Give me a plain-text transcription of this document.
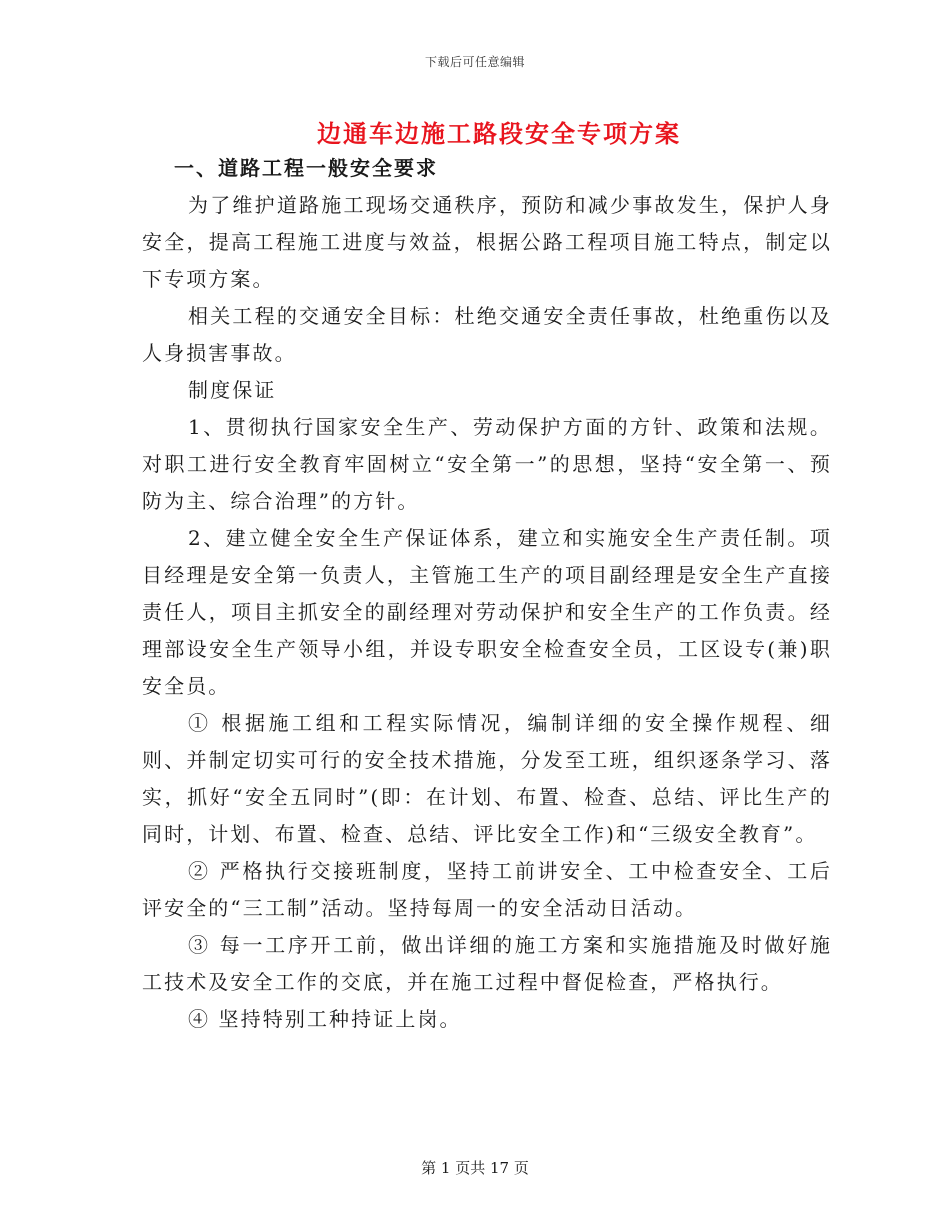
下载后可任意编辑
边通车边施工路段安全专项方案

一、道路工程一般安全要求

为了维护道路施工现场交通秩序，预防和减少事故发生，保护人身安全，提高工程施工进度与效益，根据公路工程项目施工特点，制定以下专项方案。

相关工程的交通安全目标：杜绝交通安全责任事故，杜绝重伤以及人身损害事故。

制度保证

1、贯彻执行国家安全生产、劳动保护方面的方针、政策和法规。对职工进行安全教育牢固树立“安全第一”的思想，坚持“安全第一、预防为主、综合治理”的方针。

2、建立健全安全生产保证体系，建立和实施安全生产责任制。项目经理是安全第一负责人，主管施工生产的项目副经理是安全生产直接责任人，项目主抓安全的副经理对劳动保护和安全生产的工作负责。经理部设安全生产领导小组，并设专职安全检查安全员，工区设专(兼)职安全员。

① 根据施工组和工程实际情况，编制详细的安全操作规程、细则、并制定切实可行的安全技术措施，分发至工班，组织逐条学习、落实，抓好“安全五同时”(即：在计划、布置、检查、总结、评比生产的同时，计划、布置、检查、总结、评比安全工作)和“三级安全教育”。

② 严格执行交接班制度，坚持工前讲安全、工中检查安全、工后评安全的“三工制”活动。坚持每周一的安全活动日活动。

③ 每一工序开工前，做出详细的施工方案和实施措施及时做好施工技术及安全工作的交底，并在施工过程中督促检查，严格执行。

④ 坚持特别工种持证上岗。

第 1 页共 17 页
